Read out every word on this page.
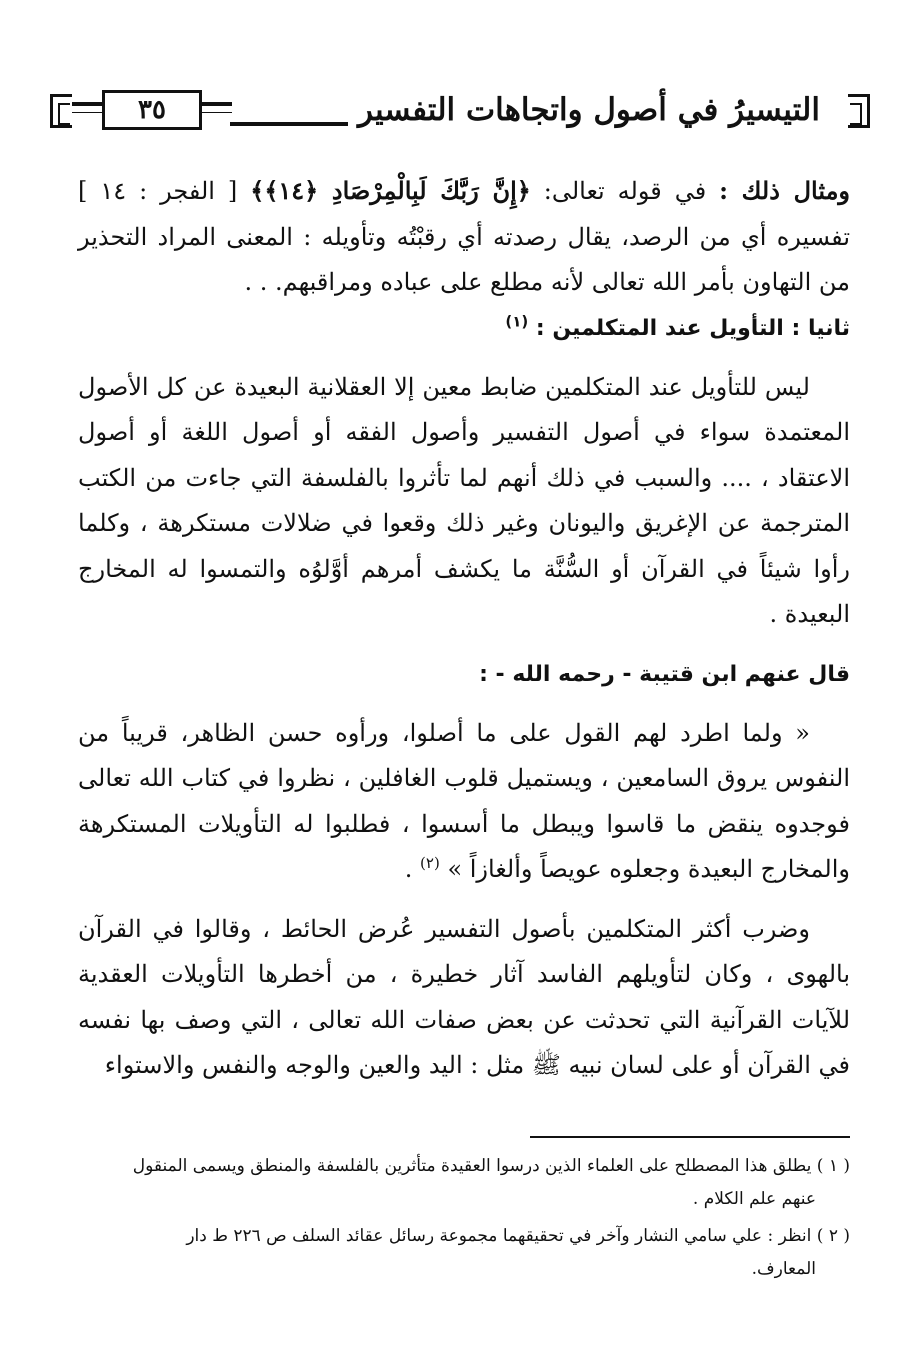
٣٥	التيسيرُ في أصول واتجاهات التفسير

ومثال ذلك : في قوله تعالى: ﴿إِنَّ رَبَّكَ لَبِالْمِرْصَادِ ﴿١٤﴾﴾ [ الفجر : ١٤ ] تفسيره أي من الرصد، يقال رصدته أي رقبْتُه وتأويله : المعنى المراد التحذير من التهاون بأمر الله تعالى لأنه مطلع على عباده ومراقبهم. . .

ثانيا : التأويل عند المتكلمين : $^{(١)}$

ليس للتأويل عند المتكلمين ضابط معين إلا العقلانية البعيدة عن كل الأصول المعتمدة سواء في أصول التفسير وأصول الفقه أو أصول اللغة أو أصول الاعتقاد ، .... والسبب في ذلك أنهم لما تأثروا بالفلسفة التي جاءت من الكتب المترجمة عن الإغريق واليونان وغير ذلك وقعوا في ضلالات مستكرهة ، وكلما رأوا شيئاً في القرآن أو السُّنَّة ما يكشف أمرهم أوَّلوُه والتمسوا له المخارج البعيدة .

قال عنهم ابن قتيبة - رحمه الله - :

« ولما اطرد لهم القول على ما أصلوا، ورأوه حسن الظاهر، قريباً من النفوس يروق السامعين ، ويستميل قلوب الغافلين ، نظروا في كتاب الله تعالى فوجدوه ينقض ما قاسوا ويبطل ما أسسوا ، فطلبوا له التأويلات المستكرهة والمخارج البعيدة وجعلوه عويصاً وألغازاً » $^{(٢)}$ .

وضرب أكثر المتكلمين بأصول التفسير عُرض الحائط ، وقالوا في القرآن بالهوى ، وكان لتأويلهم الفاسد آثار خطيرة ، من أخطرها التأويلات العقدية للآيات القرآنية التي تحدثت عن بعض صفات الله تعالى ، التي وصف بها نفسه في القرآن أو على لسان نبيه ﷺ مثل : اليد والعين والوجه والنفس والاستواء

( ١ ) يطلق هذا المصطلح على العلماء الذين درسوا العقيدة متأثرين بالفلسفة والمنطق ويسمى المنقول
عنهم علم الكلام .

( ٢ ) انظر : علي سامي النشار وآخر في تحقيقهما مجموعة رسائل عقائد السلف ص ٢٢٦ ط دار
المعارف.
